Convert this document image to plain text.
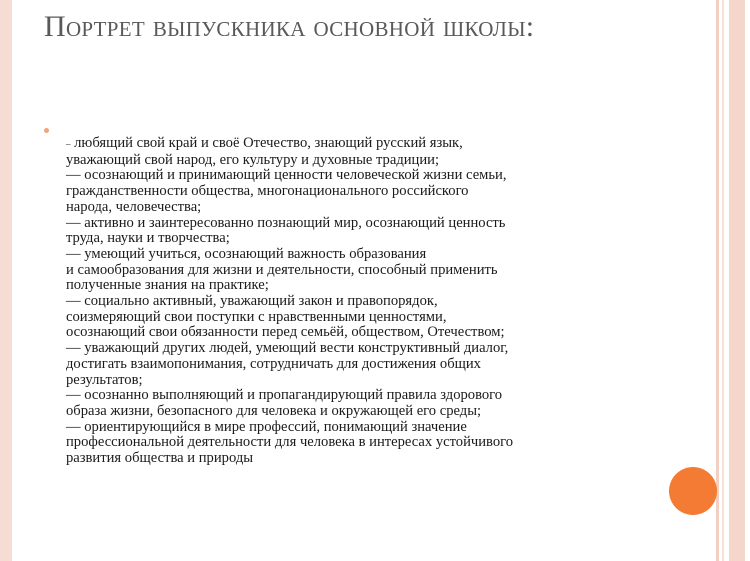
Портрет выпускника основной школы:
– любящий свой край и своё Отечество, знающий русский язык,
уважающий свой народ, его культуру и духовные традиции;
— осознающий и принимающий ценности человеческой жизни семьи,
гражданственности общества, многонационального российского
народа, человечества;
— активно и заинтересованно познающий мир, осознающий ценность
труда, науки и творчества;
— умеющий учиться, осознающий важность образования
и самообразования для жизни и деятельности, способный применить
полученные знания на практике;
— социально активный, уважающий закон и правопорядок,
соизмеряющий свои поступки с нравственными ценностями,
осознающий свои обязанности перед семьёй, обществом, Отечеством;
— уважающий других людей, умеющий вести конструктивный диалог,
достигать взаимопонимания, сотрудничать для достижения общих
результатов;
— осознанно выполняющий и пропагандирующий правила здорового
образа жизни, безопасного для человека и окружающей его среды;
— ориентирующийся в мире профессий, понимающий значение
профессиональной деятельности для человека в интересах устойчивого
развития общества и природы
